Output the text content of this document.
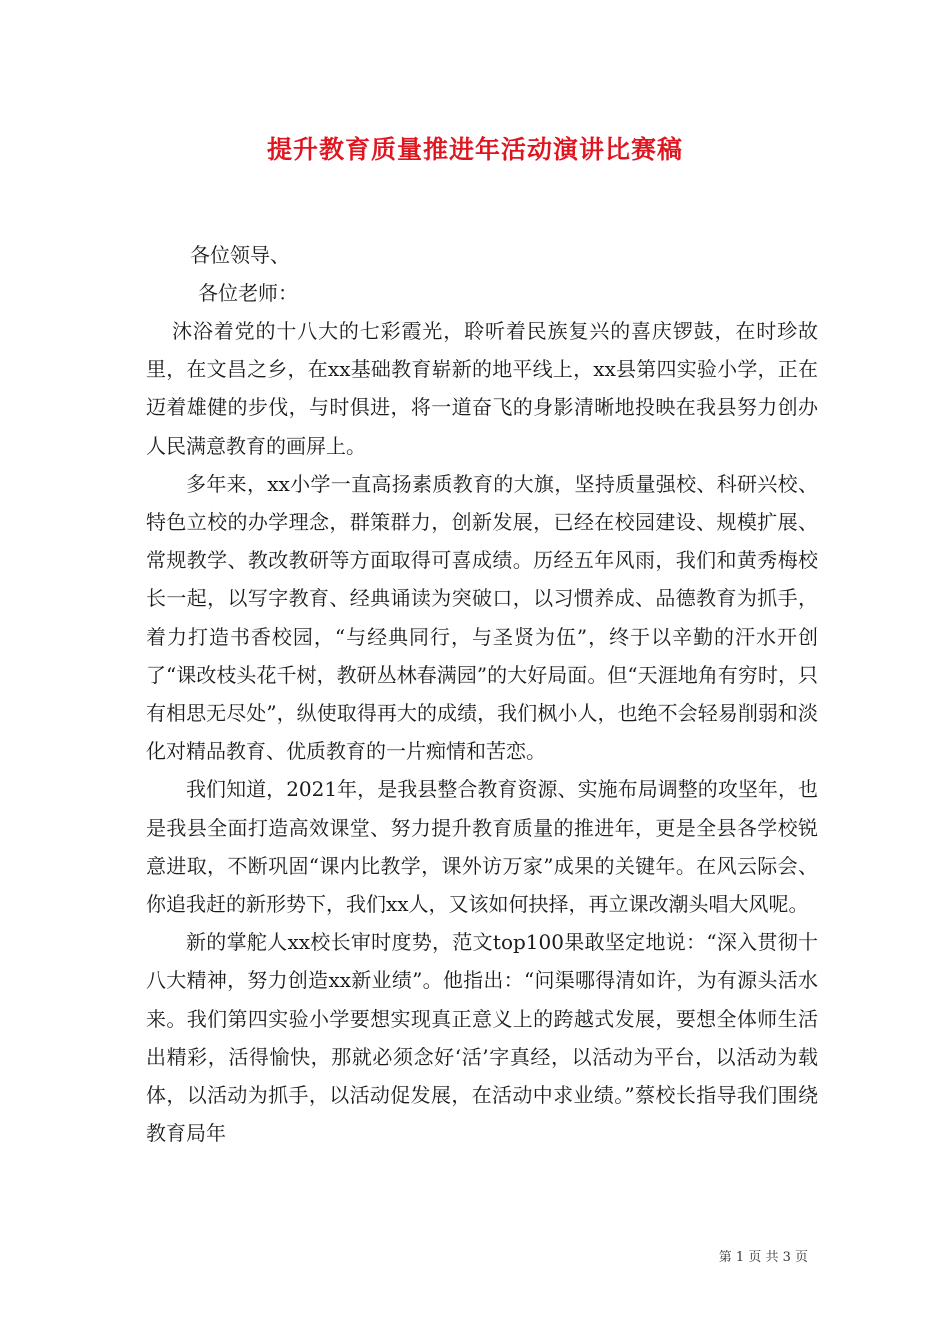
提升教育质量推进年活动演讲比赛稿
各位领导、
各位老师：

沐浴着党的十八大的七彩霞光，聆听着民族复兴的喜庆锣鼓，在时珍故里，在文昌之乡，在xx基础教育崭新的地平线上，xx县第四实验小学，正在迈着雄健的步伐，与时俱进，将一道奋飞的身影清晰地投映在我县努力创办人民满意教育的画屏上。

多年来，xx小学一直高扬素质教育的大旗，坚持质量强校、科研兴校、特色立校的办学理念，群策群力，创新发展，已经在校园建设、规模扩展、常规教学、教改教研等方面取得可喜成绩。历经五年风雨，我们和黄秀梅校长一起，以写字教育、经典诵读为突破口，以习惯养成、品德教育为抓手，着力打造书香校园，“与经典同行，与圣贤为伍”，终于以辛勤的汗水开创了“课改枝头花千树，教研丛林春满园”的大好局面。但“天涯地角有穷时，只有相思无尽处”，纵使取得再大的成绩，我们枫小人，也绝不会轻易削弱和淡化对精品教育、优质教育的一片痴情和苦恋。

我们知道，2021年，是我县整合教育资源、实施布局调整的攻坚年，也是我县全面打造高效课堂、努力提升教育质量的推进年，更是全县各学校锐意进取，不断巩固“课内比教学，课外访万家”成果的关键年。在风云际会、你追我赶的新形势下，我们xx人，又该如何抉择，再立课改潮头唱大风呢。

新的掌舵人xx校长审时度势，范文top100果敢坚定地说：“深入贯彻十八大精神，努力创造xx新业绩”。他指出：“问渠哪得清如许，为有源头活水来。我们第四实验小学要想实现真正意义上的跨越式发展，要想全体师生活出精彩，活得愉快，那就必须念好‘活’字真经，以活动为平台，以活动为载体，以活动为抓手，以活动促发展，在活动中求业绩。”蔡校长指导我们围绕教育局年

第 1 页 共 3 页
